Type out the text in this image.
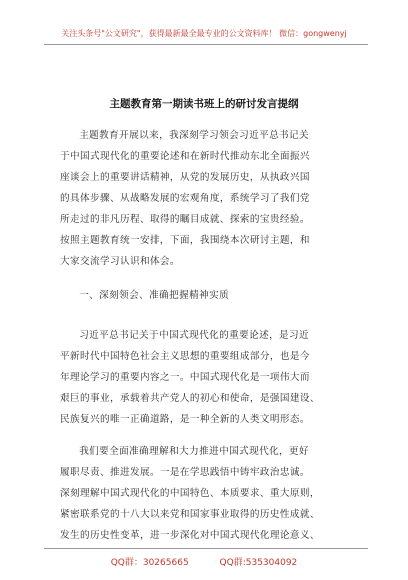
关注头条号"公文研究"，获得最新最全最专业的公文资料库！ 微信：gongwenyj
主题教育第一期读书班上的研讨发言提纲
主题教育开展以来，我深刻学习领会习近平总书记关
于中国式现代化的重要论述和在新时代推动东北全面振兴
座谈会上的重要讲话精神，从党的发展历史，从执政兴国
的具体步骤、从战略发展的宏观角度，系统学习了我们党
所走过的非凡历程、取得的瞩目成就、探索的宝贵经验。
按照主题教育统一安排，下面，我围绕本次研讨主题，和
大家交流学习认识和体会。
一、深刻领会、准确把握精神实质
习近平总书记关于中国式现代化的重要论述，是习近
平新时代中国特色社会主义思想的重要组成部分，也是今
年理论学习的重要内容之一。中国式现代化是一项伟大而
艰巨的事业，承载着共产党人的初心和使命，是强国建设、
民族复兴的唯一正确道路，是一种全新的人类文明形态。
我们要全面准确理解和大力推进中国式现代化，更好
履职尽责、推进发展。一是在学思践悟中铸牢政治忠诚。
深刻理解中国式现代化的中国特色、本质要求、重大原则，
紧密联系党的十八大以来党和国家事业取得的历史性成就、
发生的历史性变革，进一步深化对中国式现代化理论意义、
QQ群：30265665	QQ群:535304092
